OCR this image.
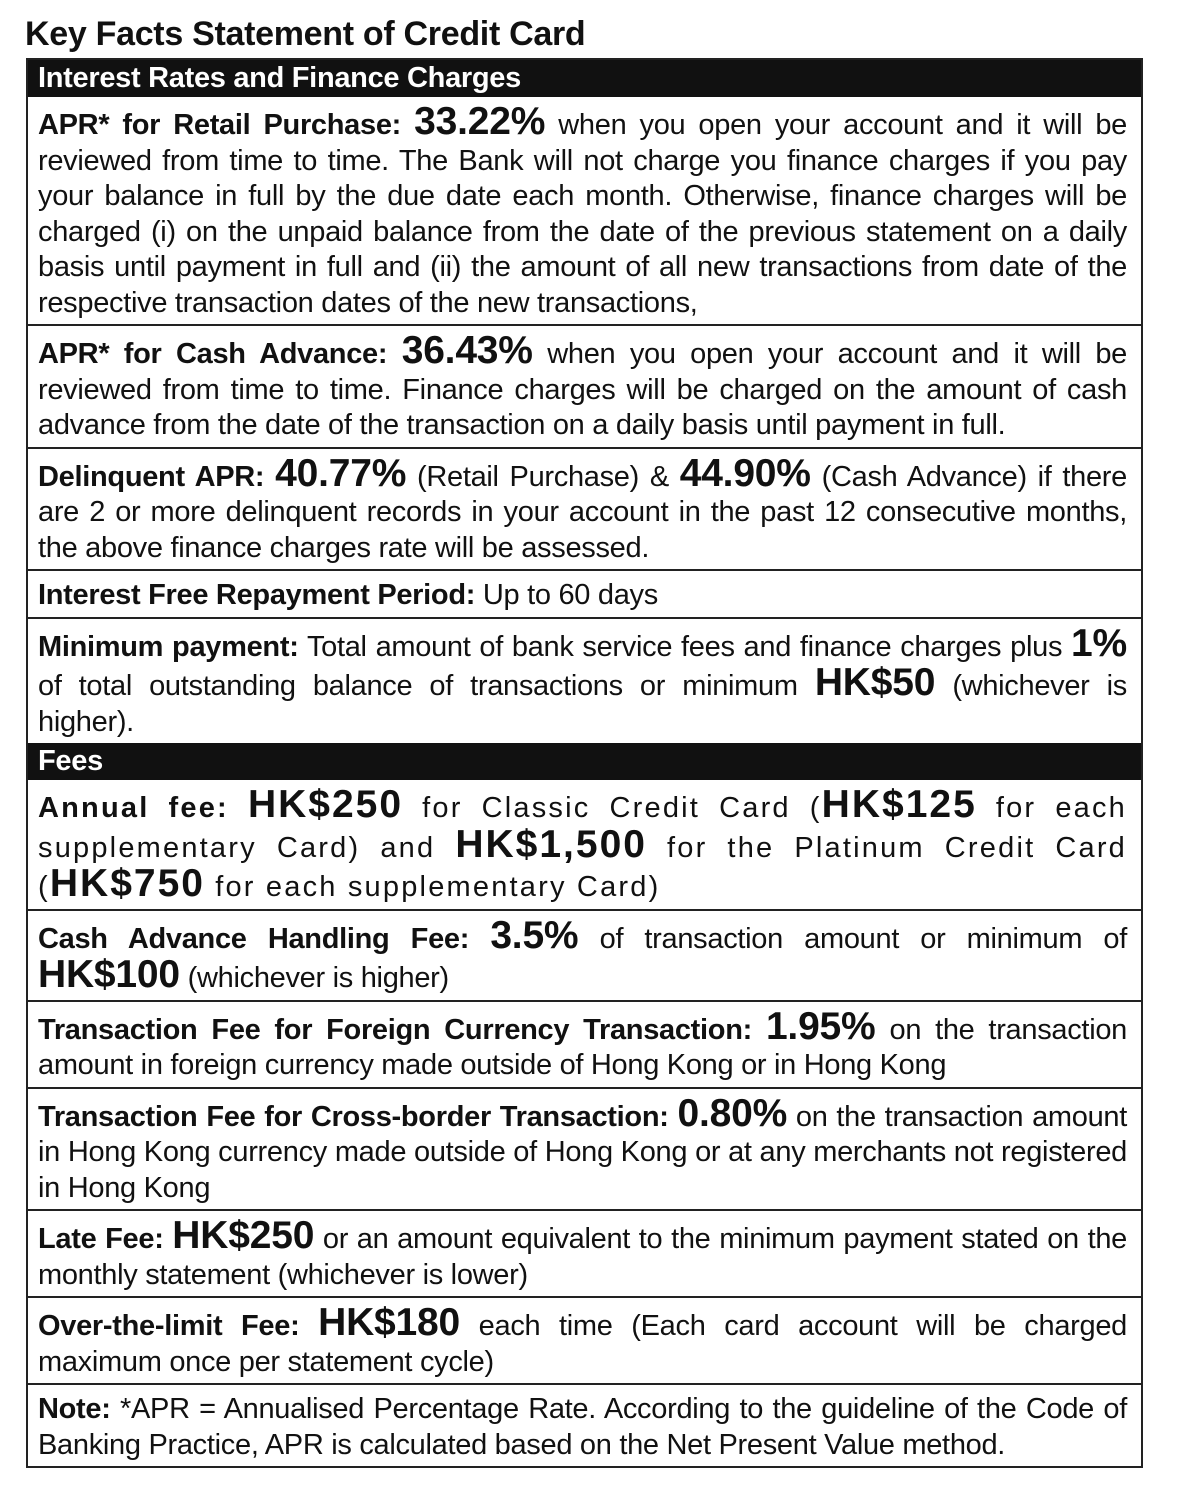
Key Facts Statement of Credit Card
Interest Rates and Finance Charges
APR* for Retail Purchase: 33.22% when you open your account and it will be reviewed from time to time. The Bank will not charge you finance charges if you pay your balance in full by the due date each month. Otherwise, finance charges will be charged (i) on the unpaid balance from the date of the previous statement on a daily basis until payment in full and (ii) the amount of all new transactions from date of the respective transaction dates of the new transactions,
APR* for Cash Advance: 36.43% when you open your account and it will be reviewed from time to time. Finance charges will be charged on the amount of cash advance from the date of the transaction on a daily basis until payment in full.
Delinquent APR: 40.77% (Retail Purchase) & 44.90% (Cash Advance) if there are 2 or more delinquent records in your account in the past 12 consecutive months, the above finance charges rate will be assessed.
Interest Free Repayment Period: Up to 60 days
Minimum payment: Total amount of bank service fees and finance charges plus 1% of total outstanding balance of transactions or minimum HK$50 (whichever is higher).
Fees
Annual fee: HK$250 for Classic Credit Card (HK$125 for each supplementary Card) and HK$1,500 for the Platinum Credit Card (HK$750 for each supplementary Card)
Cash Advance Handling Fee: 3.5% of transaction amount or minimum of HK$100 (whichever is higher)
Transaction Fee for Foreign Currency Transaction: 1.95% on the transaction amount in foreign currency made outside of Hong Kong or in Hong Kong
Transaction Fee for Cross-border Transaction: 0.80% on the transaction amount in Hong Kong currency made outside of Hong Kong or at any merchants not registered in Hong Kong
Late Fee: HK$250 or an amount equivalent to the minimum payment stated on the monthly statement (whichever is lower)
Over-the-limit Fee: HK$180 each time (Each card account will be charged maximum once per statement cycle)
Note: *APR = Annualised Percentage Rate. According to the guideline of the Code of Banking Practice, APR is calculated based on the Net Present Value method.
